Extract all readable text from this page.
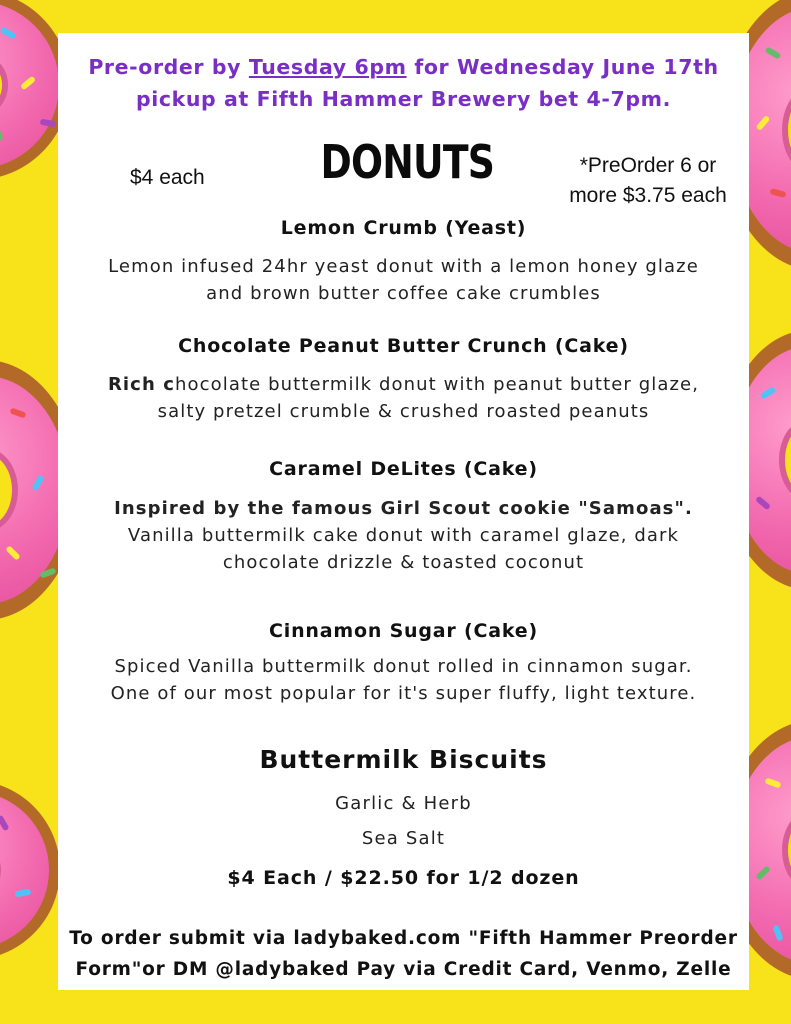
Pre-order by Tuesday 6pm for Wednesday June 17th
pickup at Fifth Hammer Brewery bet 4-7pm.
$4 each	DONUTS	*PreOrder 6 or
more $3.75 each
Lemon Crumb (Yeast)
Lemon infused 24hr yeast donut with a lemon honey glaze
and brown butter coffee cake crumbles
Chocolate Peanut Butter Crunch (Cake)
Rich chocolate buttermilk donut with peanut butter glaze,
salty pretzel crumble & crushed roasted peanuts
Caramel DeLites (Cake)
Inspired by the famous Girl Scout cookie "Samoas".
Vanilla buttermilk cake donut with caramel glaze, dark
chocolate drizzle & toasted coconut
Cinnamon Sugar (Cake)
Spiced Vanilla buttermilk donut rolled in cinnamon sugar.
One of our most popular for it's super fluffy, light texture.
Buttermilk Biscuits
Garlic & Herb
Sea Salt
$4 Each / $22.50 for 1/2 dozen
To order submit via ladybaked.com "Fifth Hammer Preorder
Form"or DM @ladybaked Pay via Credit Card, Venmo, Zelle
